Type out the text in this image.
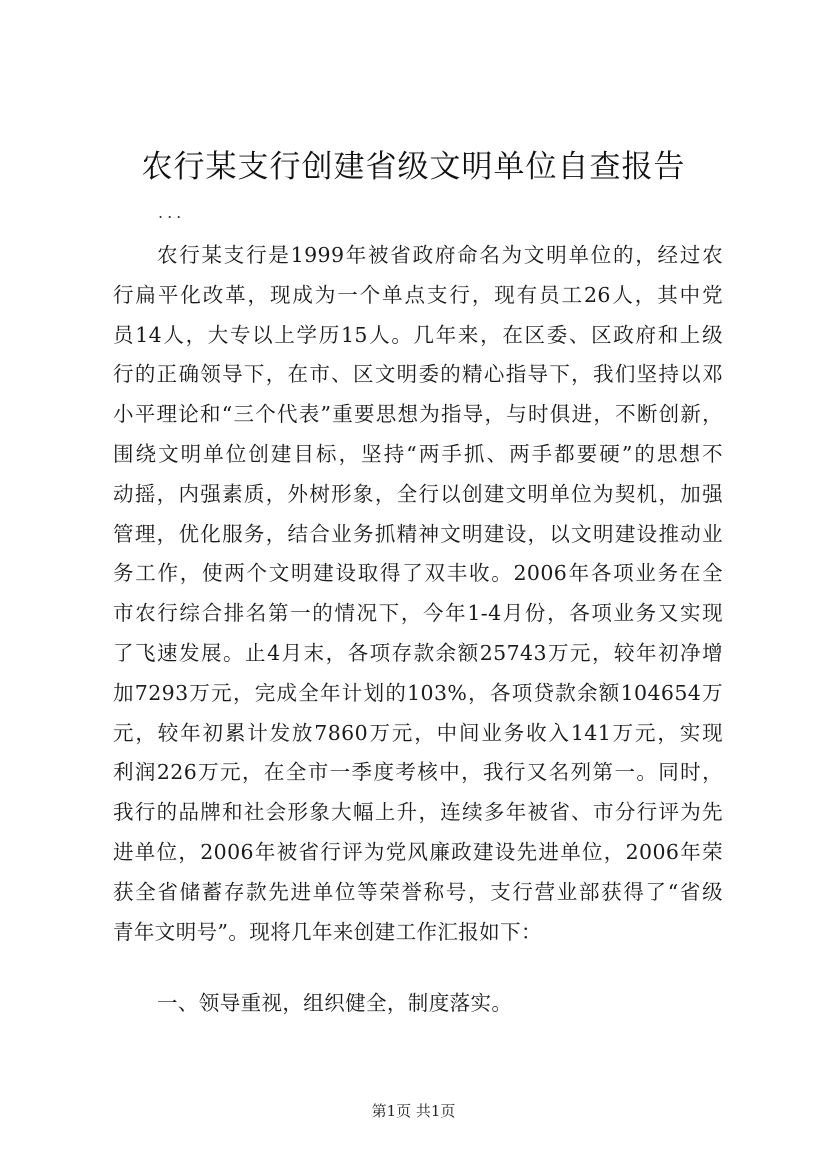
农行某支行创建省级文明单位自查报告
...
农行某支行是1999年被省政府命名为文明单位的，经过农
行扁平化改革，现成为一个单点支行，现有员工26人，其中党
员14人，大专以上学历15人。几年来，在区委、区政府和上级
行的正确领导下，在市、区文明委的精心指导下，我们坚持以邓
小平理论和“三个代表”重要思想为指导，与时俱进，不断创新，
围绕文明单位创建目标，坚持“两手抓、两手都要硬”的思想不
动摇，内强素质，外树形象，全行以创建文明单位为契机，加强
管理，优化服务，结合业务抓精神文明建设，以文明建设推动业
务工作，使两个文明建设取得了双丰收。2006年各项业务在全
市农行综合排名第一的情况下，今年1-4月份，各项业务又实现
了飞速发展。止4月末，各项存款余额25743万元，较年初净增
加7293万元，完成全年计划的103%，各项贷款余额104654万
元，较年初累计发放7860万元，中间业务收入141万元，实现
利润226万元，在全市一季度考核中，我行又名列第一。同时，
我行的品牌和社会形象大幅上升，连续多年被省、市分行评为先
进单位，2006年被省行评为党风廉政建设先进单位，2006年荣
获全省储蓄存款先进单位等荣誉称号，支行营业部获得了“省级
青年文明号”。现将几年来创建工作汇报如下：
一、领导重视，组织健全，制度落实。
第1页 共1页
